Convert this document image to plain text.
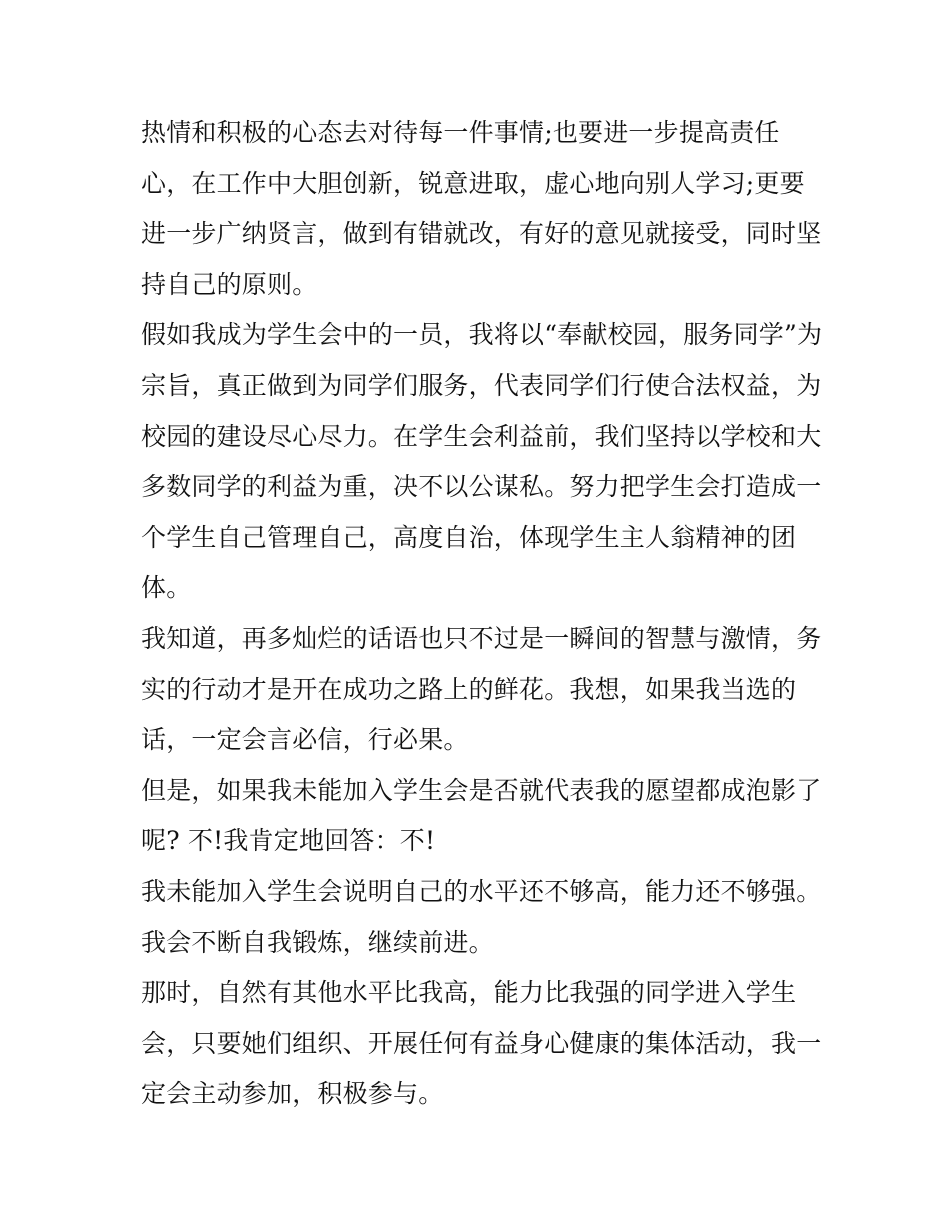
热情和积极的心态去对待每一件事情;也要进一步提高责任
心，在工作中大胆创新，锐意进取，虚心地向别人学习;更要
进一步广纳贤言，做到有错就改，有好的意见就接受，同时坚
持自己的原则。
假如我成为学生会中的一员，我将以“奉献校园，服务同学”为
宗旨，真正做到为同学们服务，代表同学们行使合法权益，为
校园的建设尽心尽力。在学生会利益前，我们坚持以学校和大
多数同学的利益为重，决不以公谋私。努力把学生会打造成一
个学生自己管理自己，高度自治，体现学生主人翁精神的团
体。
我知道，再多灿烂的话语也只不过是一瞬间的智慧与激情，务
实的行动才是开在成功之路上的鲜花。我想，如果我当选的
话，一定会言必信，行必果。
但是，如果我未能加入学生会是否就代表我的愿望都成泡影了
呢? 不!我肯定地回答：不!
我未能加入学生会说明自己的水平还不够高，能力还不够强。
我会不断自我锻炼，继续前进。
那时，自然有其他水平比我高，能力比我强的同学进入学生
会，只要她们组织、开展任何有益身心健康的集体活动，我一
定会主动参加，积极参与。
